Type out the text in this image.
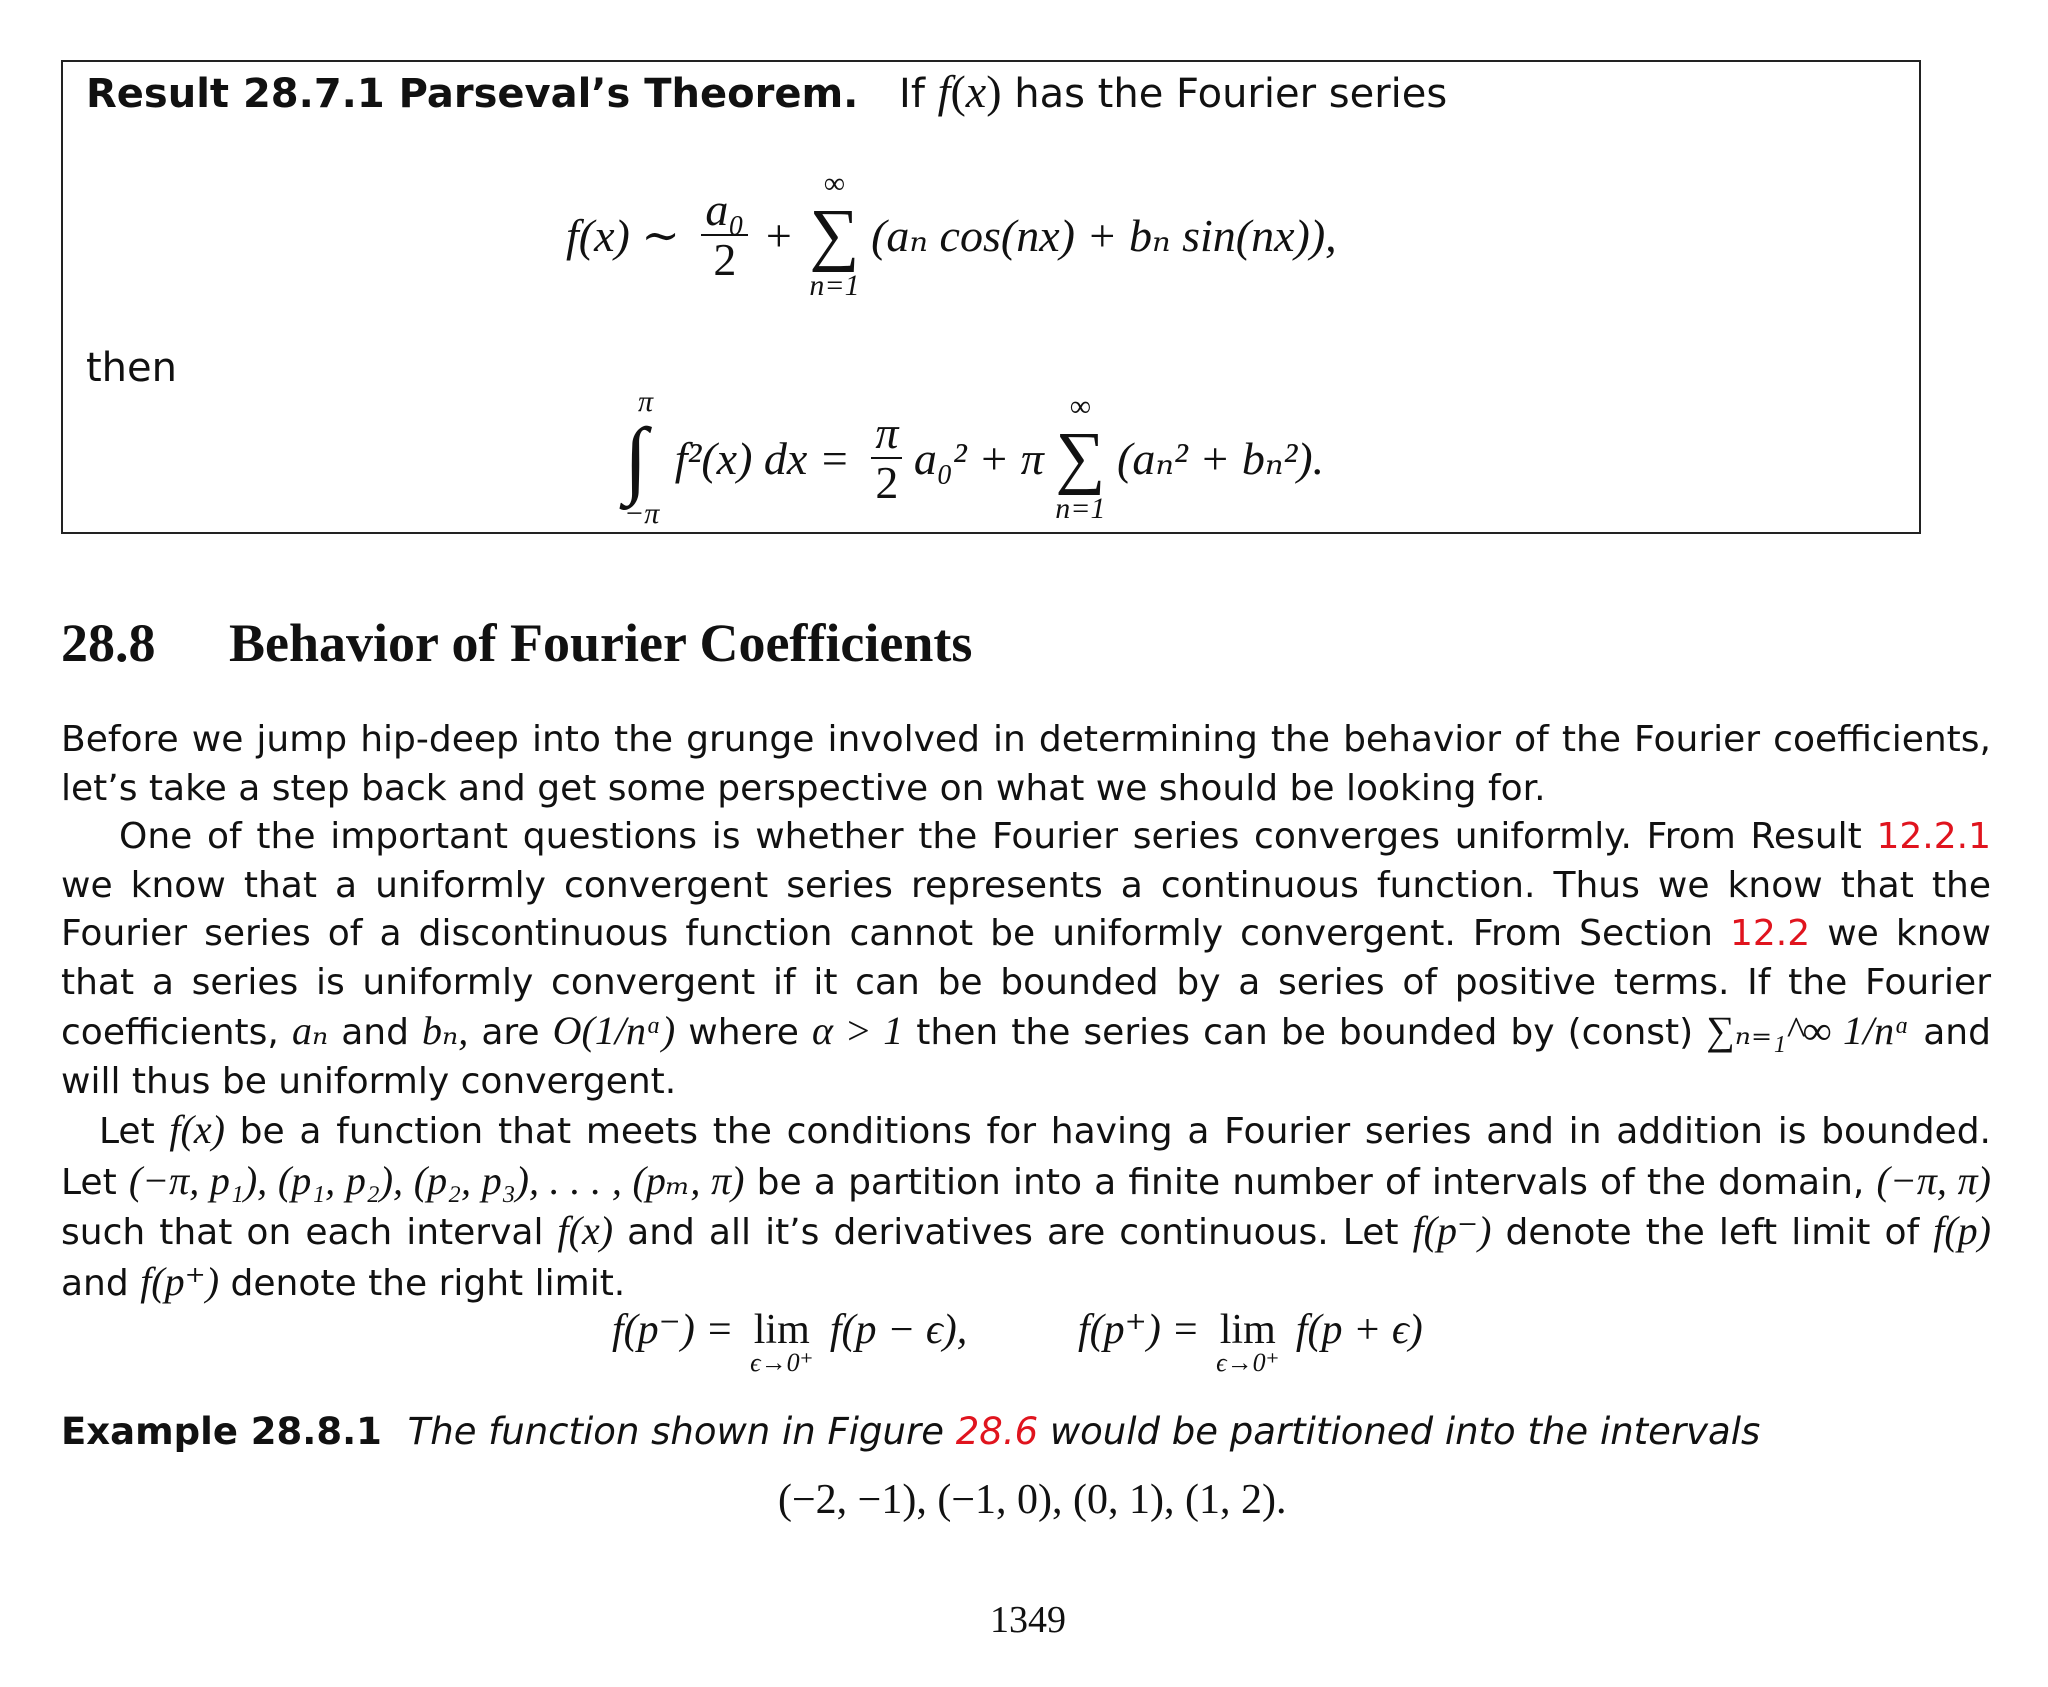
Result 28.7.1 Parseval’s Theorem. If f(x) has the Fourier series
f(x) ∼ $\frac{\text{a₀}}{2}$ +
∞
∑
n=1
(aₙ cos(nx) + bₙ sin(nx)),
then
π
∫
−π
f²(x) dx = $\frac{\pi}{2} a_0^2 + \pi$
∞
∑
n=1
(aₙ² + bₙ²).
28.8 Behavior of Fourier Coefficients
Before we jump hip-deep into the grunge involved in determining the behavior of the Fourier coefficients, let’s take a step back and get some perspective on what we should be looking for.
One of the important questions is whether the Fourier series converges uniformly. From Result 12.2.1 we know that a uniformly convergent series represents a continuous function. Thus we know that the Fourier series of a discontinuous function cannot be uniformly convergent. From Section 12.2 we know that a series is uniformly convergent if it can be bounded by a series of positive terms. If the Fourier coefficients, aₙ and bₙ, are O(1/nᵅ) where α > 1 then the series can be bounded by (const) ∑ₙ₌₁^∞ 1/nᵅ and will thus be uniformly convergent.
Let f(x) be a function that meets the conditions for having a Fourier series and in addition is bounded. Let (−π, p₁), (p₁, p₂), (p₂, p₃), . . . , (pₘ, π) be a partition into a finite number of intervals of the domain, (−π, π) such that on each interval f(x) and all it’s derivatives are continuous. Let f(p⁻) denote the left limit of f(p) and f(p⁺) denote the right limit.
f(p⁻) = lim
ϵ→0⁺
f(p − ϵ),	f(p⁺) = lim
ϵ→0⁺
f(p + ϵ)
Example 28.8.1 The function shown in Figure 28.6 would be partitioned into the intervals
(−2, −1), (−1, 0), (0, 1), (1, 2).
1349
